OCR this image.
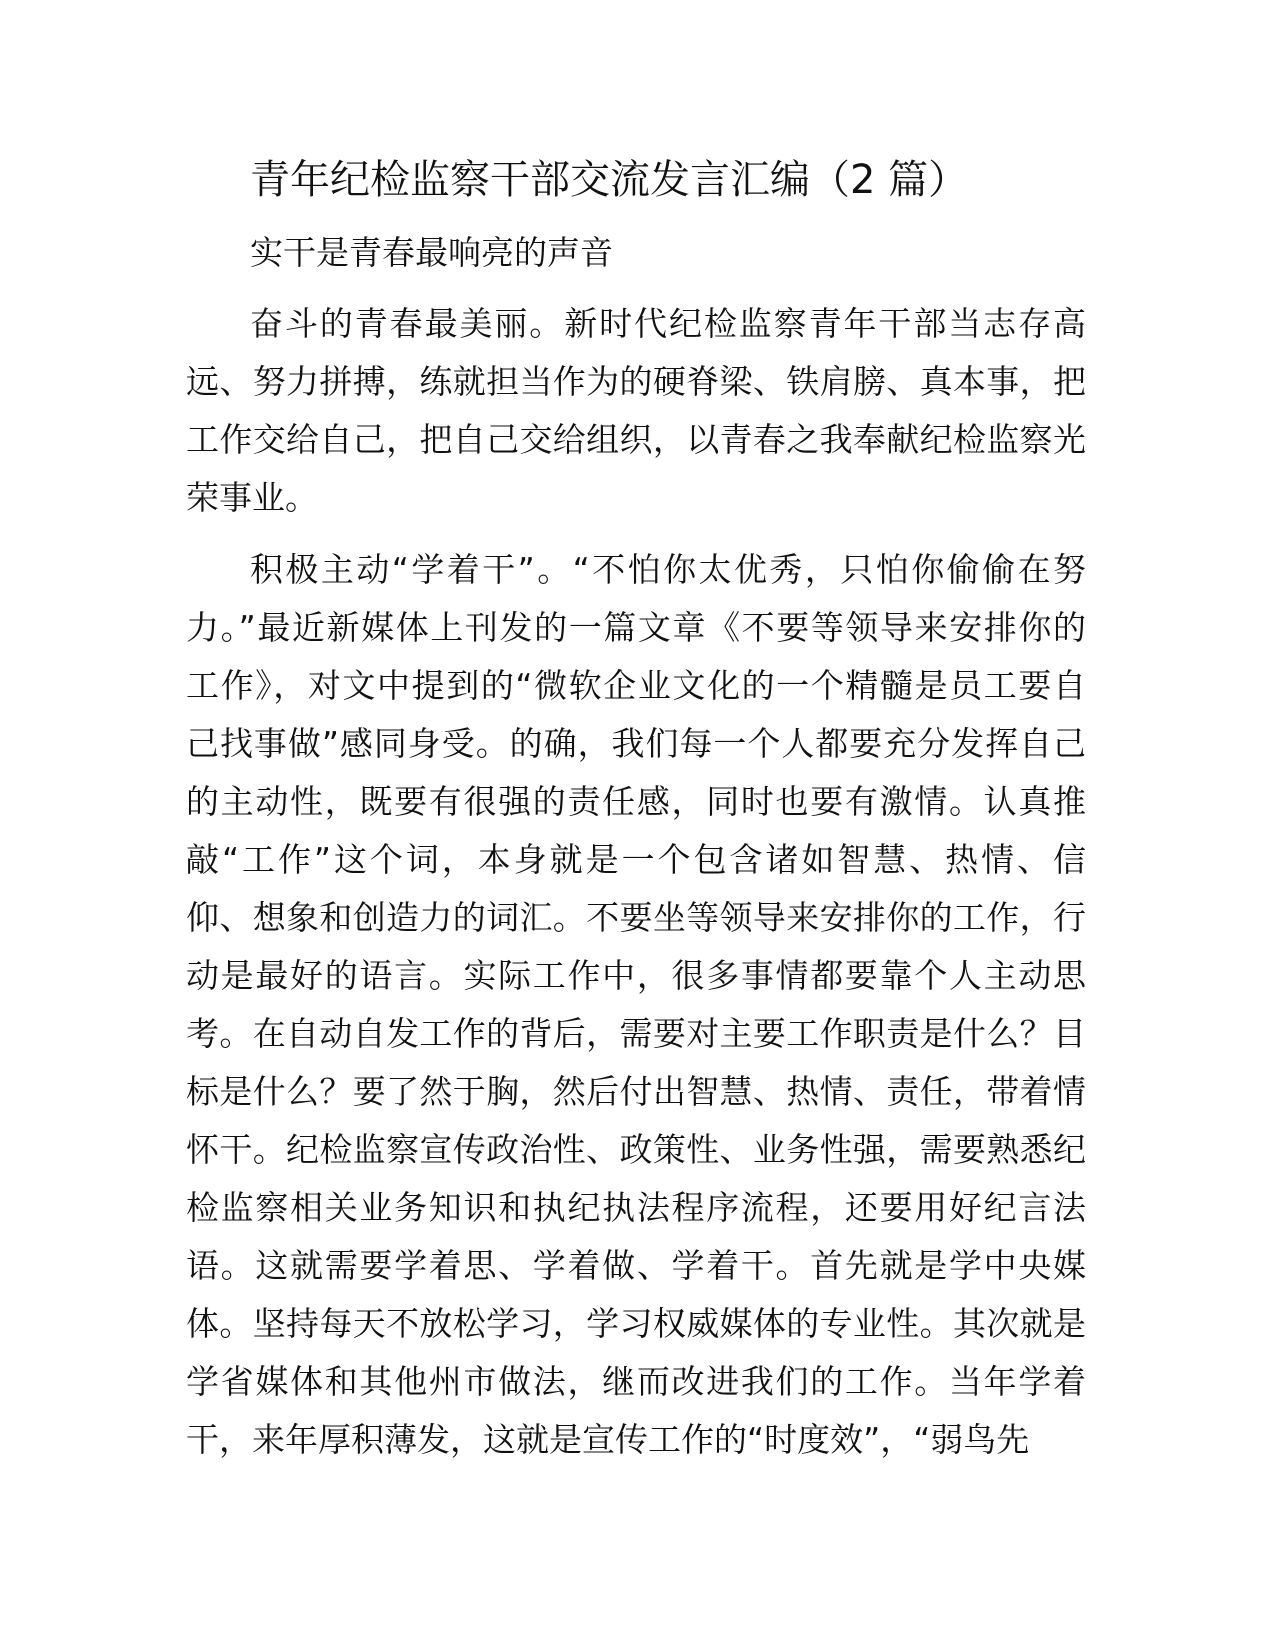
青年纪检监察干部交流发言汇编（2 篇）
实干是青春最响亮的声音
奋斗的青春最美丽。新时代纪检监察青年干部当志存高
远、努力拼搏，练就担当作为的硬脊梁、铁肩膀、真本事，把
工作交给自己，把自己交给组织，以青春之我奉献纪检监察光
荣事业。
积极主动“学着干”。“不怕你太优秀，只怕你偷偷在努
力。”最近新媒体上刊发的一篇文章《不要等领导来安排你的
工作》，对文中提到的“微软企业文化的一个精髓是员工要自
己找事做”感同身受。的确，我们每一个人都要充分发挥自己
的主动性，既要有很强的责任感，同时也要有激情。认真推
敲“工作”这个词，本身就是一个包含诸如智慧、热情、信
仰、想象和创造力的词汇。不要坐等领导来安排你的工作，行
动是最好的语言。实际工作中，很多事情都要靠个人主动思
考。在自动自发工作的背后，需要对主要工作职责是什么？目
标是什么？要了然于胸，然后付出智慧、热情、责任，带着情
怀干。纪检监察宣传政治性、政策性、业务性强，需要熟悉纪
检监察相关业务知识和执纪执法程序流程，还要用好纪言法
语。这就需要学着思、学着做、学着干。首先就是学中央媒
体。坚持每天不放松学习，学习权威媒体的专业性。其次就是
学省媒体和其他州市做法，继而改进我们的工作。当年学着
干，来年厚积薄发，这就是宣传工作的“时度效”，“弱鸟先
